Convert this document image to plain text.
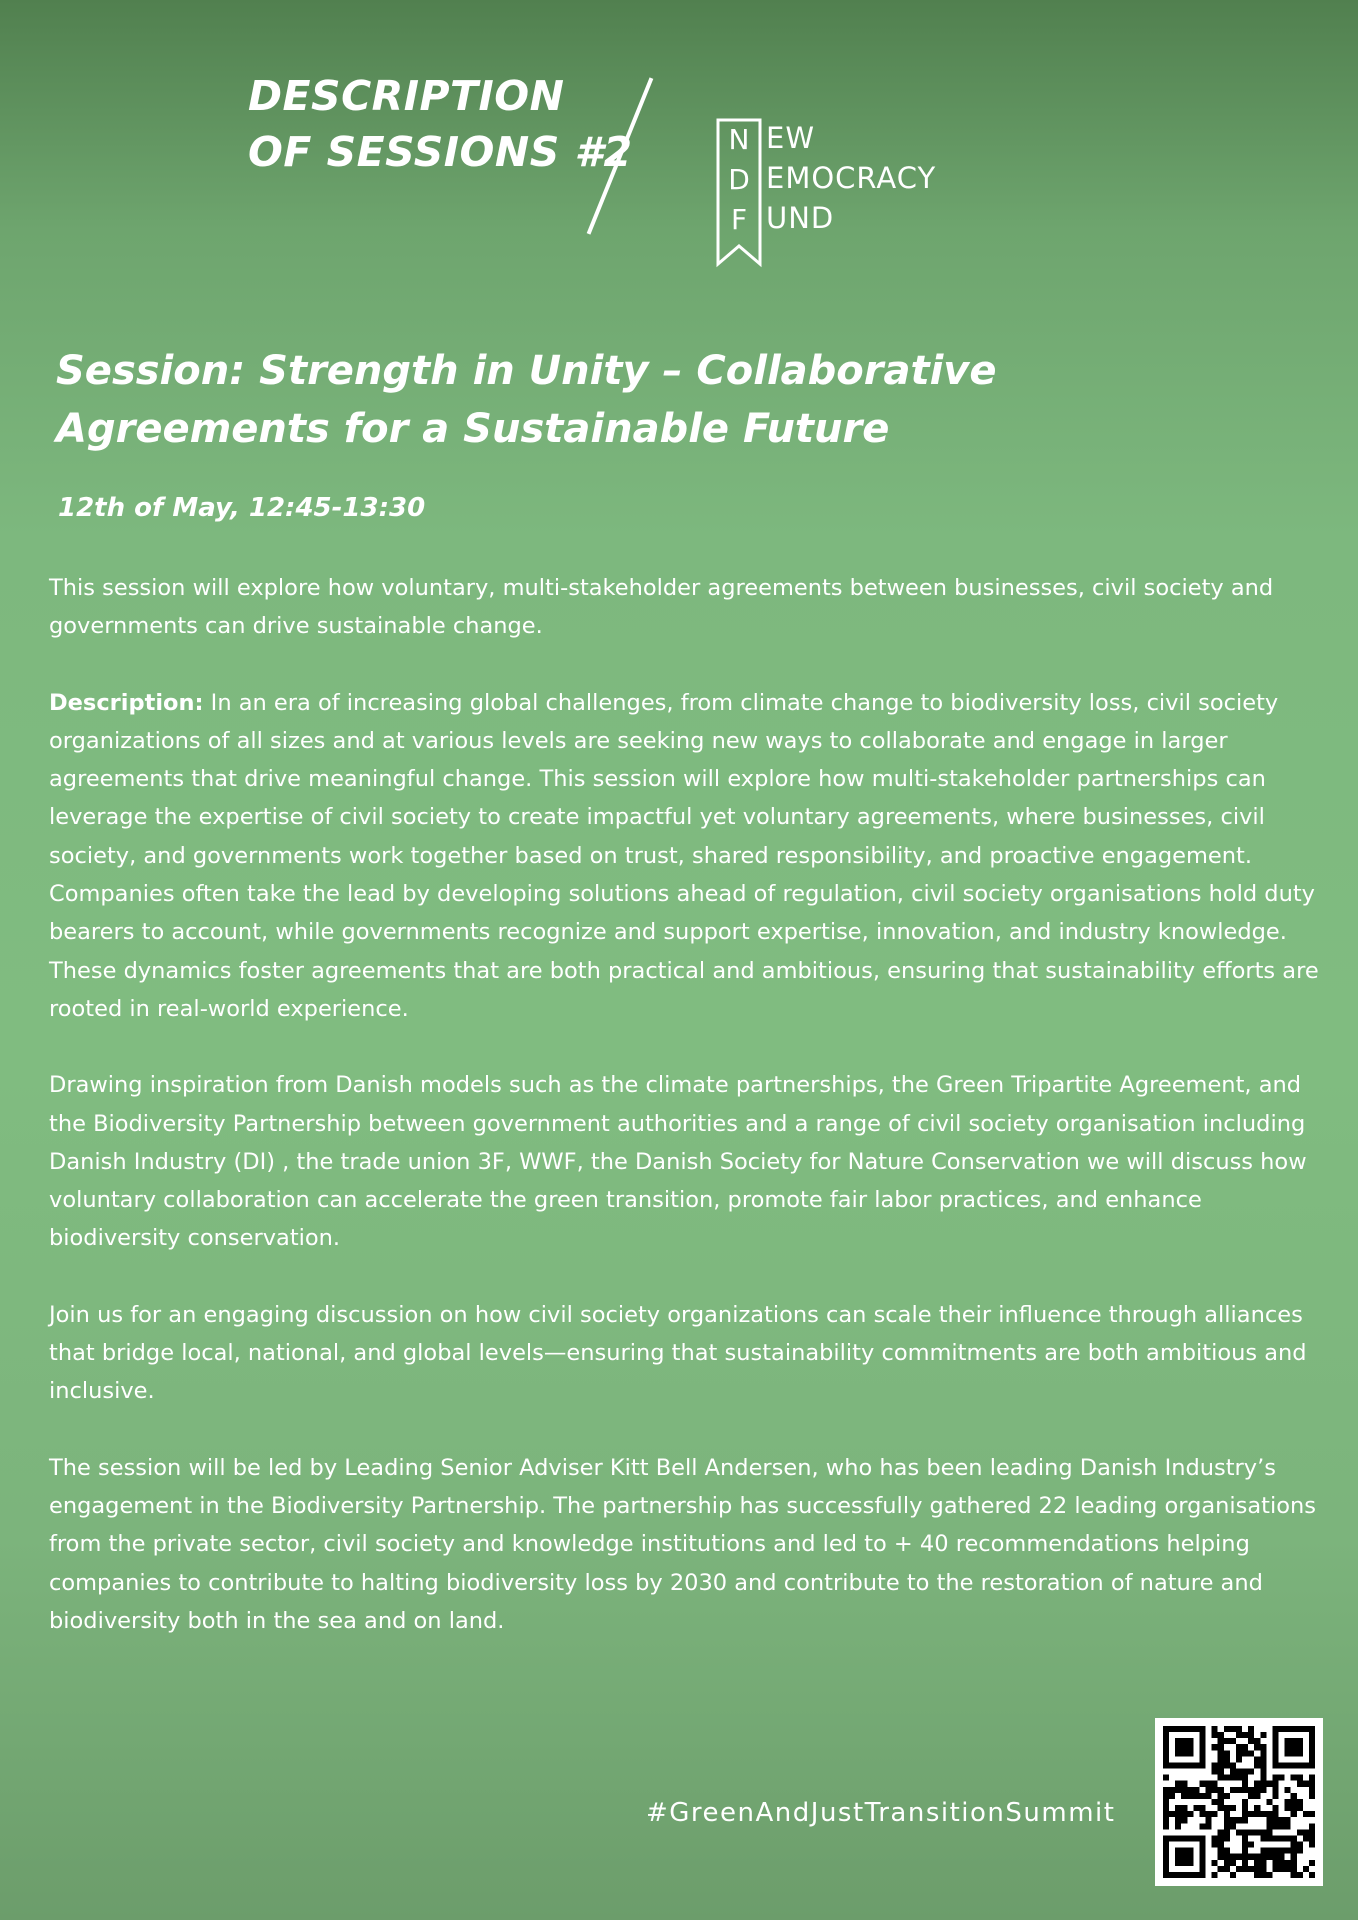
DESCRIPTION
OF SESSIONS #2	N
D
F
EW
EMOCRACY
UND
Session: Strength in Unity – Collaborative
Agreements for a Sustainable Future
12th of May, 12:45-13:30

This session will explore how voluntary, multi-stakeholder agreements between businesses, civil society and governments can drive sustainable change.

Description: In an era of increasing global challenges, from climate change to biodiversity loss, civil society organizations of all sizes and at various levels are seeking new ways to collaborate and engage in larger agreements that drive meaningful change. This session will explore how multi-stakeholder partnerships can leverage the expertise of civil society to create impactful yet voluntary agreements, where businesses, civil society, and governments work together based on trust, shared responsibility, and proactive engagement. Companies often take the lead by developing solutions ahead of regulation, civil society organisations hold duty bearers to account, while governments recognize and support expertise, innovation, and industry knowledge. These dynamics foster agreements that are both practical and ambitious, ensuring that sustainability efforts are rooted in real-world experience.

Drawing inspiration from Danish models such as the climate partnerships, the Green Tripartite Agreement, and the Biodiversity Partnership between government authorities and a range of civil society organisation including Danish Industry (DI) , the trade union 3F, WWF, the Danish Society for Nature Conservation we will discuss how voluntary collaboration can accelerate the green transition, promote fair labor practices, and enhance biodiversity conservation.

Join us for an engaging discussion on how civil society organizations can scale their influence through alliances that bridge local, national, and global levels—ensuring that sustainability commitments are both ambitious and inclusive.

The session will be led by Leading Senior Adviser Kitt Bell Andersen, who has been leading Danish Industry’s engagement in the Biodiversity Partnership. The partnership has successfully gathered 22 leading organisations from the private sector, civil society and knowledge institutions and led to + 40 recommendations helping companies to contribute to halting biodiversity loss by 2030 and contribute to the restoration of nature and biodiversity both in the sea and on land.

#GreenAndJustTransitionSummit
